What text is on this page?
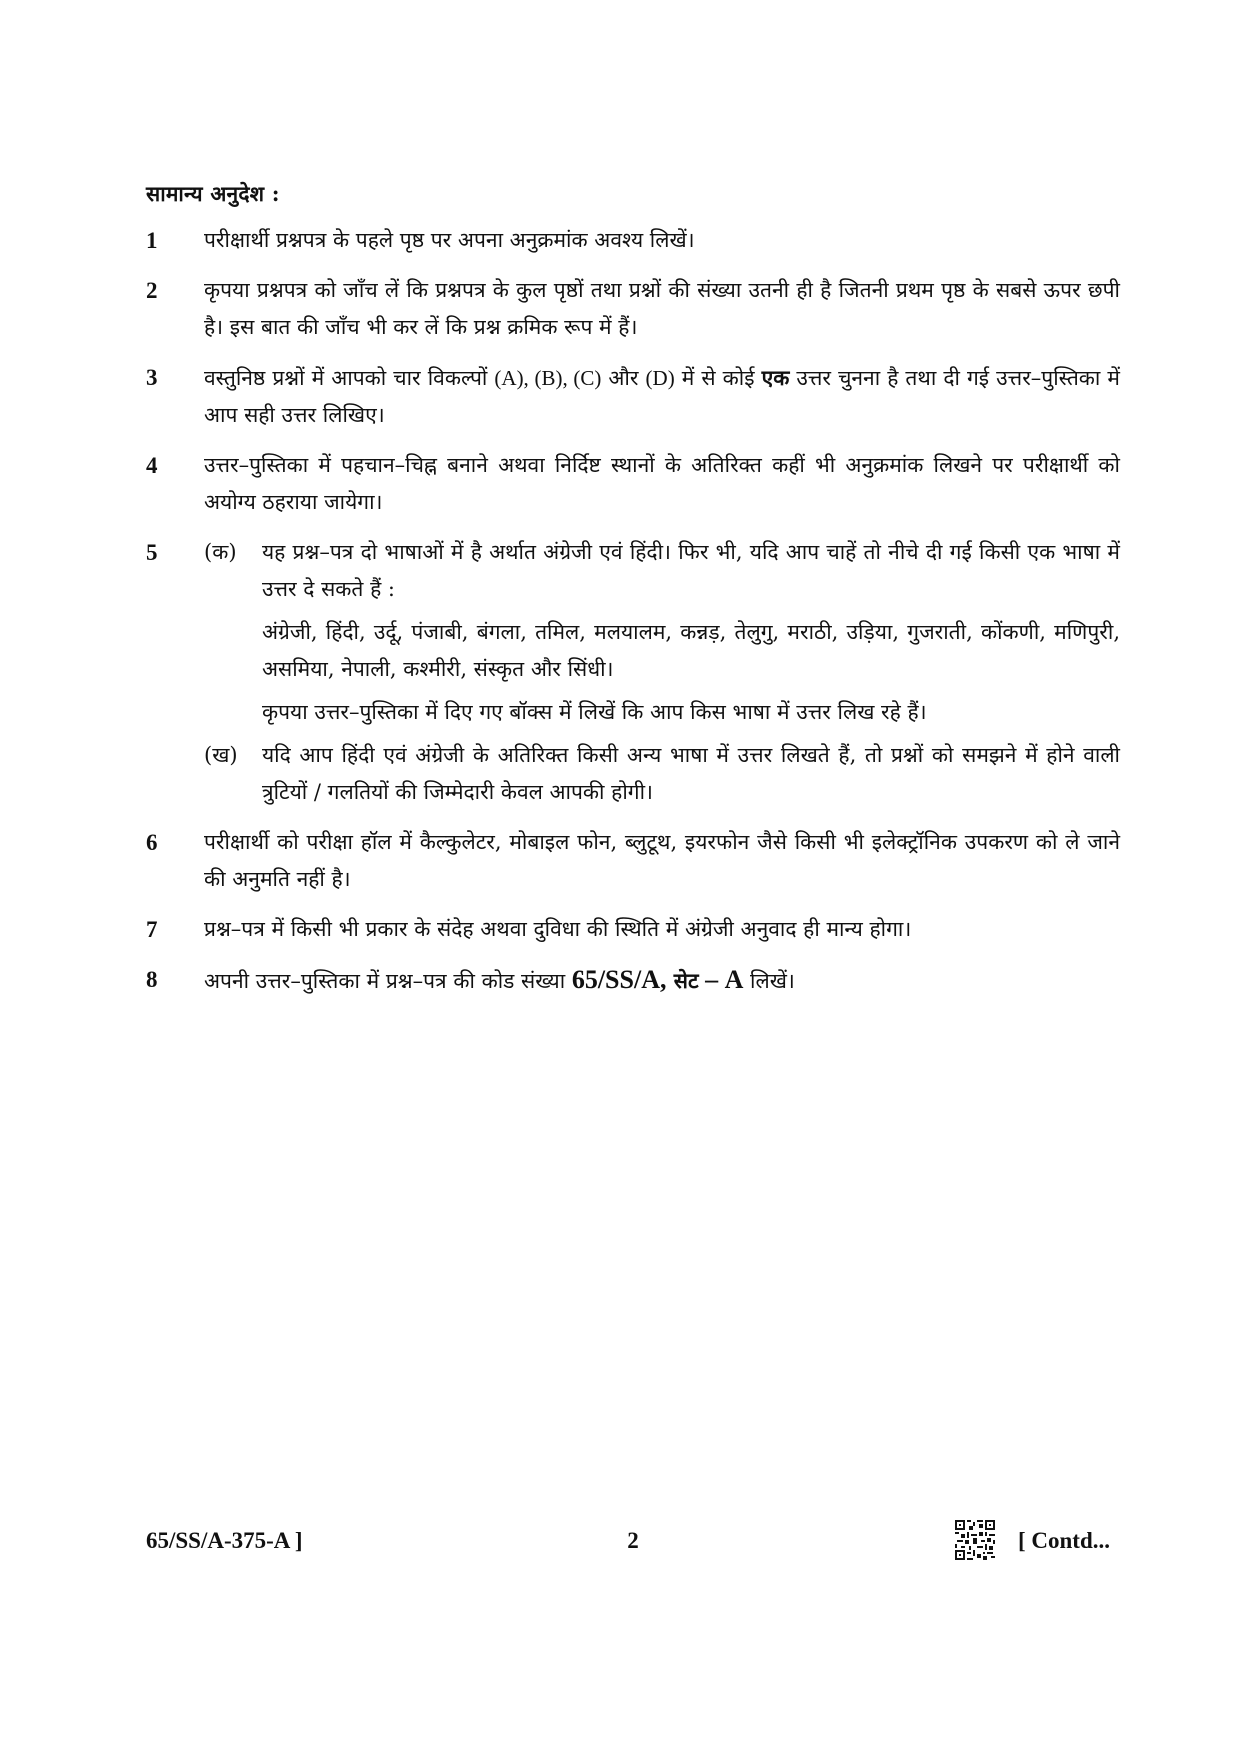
सामान्य अनुदेश :
1 परीक्षार्थी प्रश्नपत्र के पहले पृष्ठ पर अपना अनुक्रमांक अवश्य लिखें।
2 कृपया प्रश्नपत्र को जाँच लें कि प्रश्नपत्र के कुल पृष्ठों तथा प्रश्नों की संख्या उतनी ही है जितनी प्रथम पृष्ठ के सबसे ऊपर छपी है। इस बात की जाँच भी कर लें कि प्रश्न क्रमिक रूप में हैं।
3 वस्तुनिष्ठ प्रश्नों में आपको चार विकल्पों (A), (B), (C) और (D) में से कोई एक उत्तर चुनना है तथा दी गई उत्तर–पुस्तिका में आप सही उत्तर लिखिए।
4 उत्तर–पुस्तिका में पहचान–चिह्न बनाने अथवा निर्दिष्ट स्थानों के अतिरिक्त कहीं भी अनुक्रमांक लिखने पर परीक्षार्थी को अयोग्य ठहराया जायेगा।
5 (क) यह प्रश्न–पत्र दो भाषाओं में है अर्थात अंग्रेजी एवं हिंदी। फिर भी, यदि आप चाहें तो नीचे दी गई किसी एक भाषा में उत्तर दे सकते हैं :
अंग्रेजी, हिंदी, उर्दू, पंजाबी, बंगला, तमिल, मलयालम, कन्नड़, तेलुगु, मराठी, उड़िया, गुजराती, कोंकणी, मणिपुरी, असमिया, नेपाली, कश्मीरी, संस्कृत और सिंधी।
कृपया उत्तर–पुस्तिका में दिए गए बॉक्स में लिखें कि आप किस भाषा में उत्तर लिख रहे हैं।
(ख) यदि आप हिंदी एवं अंग्रेजी के अतिरिक्त किसी अन्य भाषा में उत्तर लिखते हैं, तो प्रश्नों को समझने में होने वाली त्रुटियों / गलतियों की जिम्मेदारी केवल आपकी होगी।
6 परीक्षार्थी को परीक्षा हॉल में कैल्कुलेटर, मोबाइल फोन, ब्लुटूथ, इयरफोन जैसे किसी भी इलेक्ट्रॉनिक उपकरण को ले जाने की अनुमति नहीं है।
7 प्रश्न–पत्र में किसी भी प्रकार के संदेह अथवा दुविधा की स्थिति में अंग्रेजी अनुवाद ही मान्य होगा।
8 अपनी उत्तर–पुस्तिका में प्रश्न–पत्र की कोड संख्या 65/SS/A, सेट – A लिखें।
65/SS/A-375-A ]	2	[ Contd...
